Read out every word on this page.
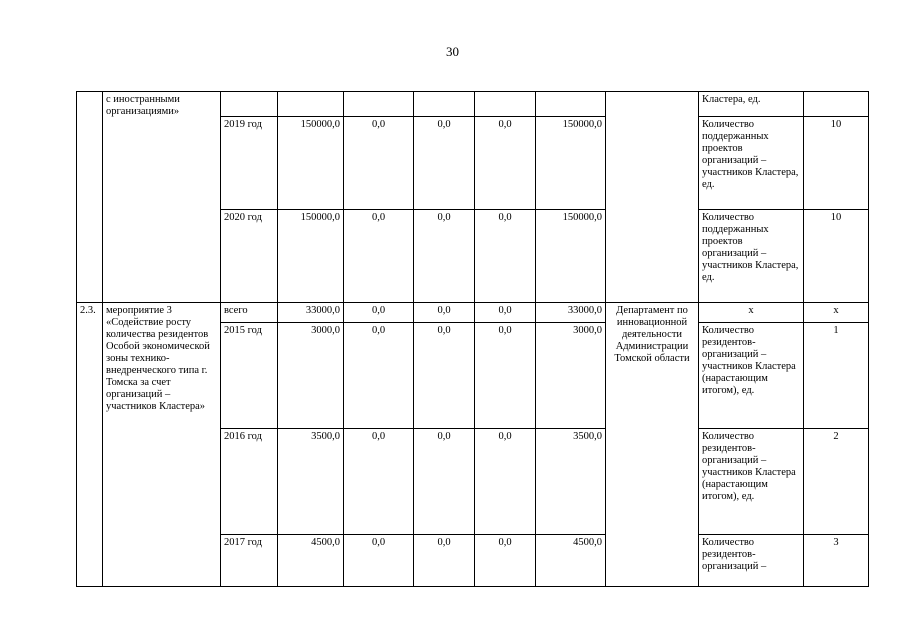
30
	с иностранными организациями»								Кластера, ед.	
		2019 год	150000,0	0,0	0,0	0,0	150000,0		Количество поддержанных проектов организаций – участников Кластера, ед.	10
		2020 год	150000,0	0,0	0,0	0,0	150000,0		Количество поддержанных проектов организаций – участников Кластера, ед.	10
2.3.	мероприятие 3 «Содействие росту количества резидентов Особой экономической зоны технико-внедренческого типа г. Томска за счет организаций – участников Кластера»	всего	33000,0	0,0	0,0	0,0	33000,0	Департамент по инновационной деятельности Администрации Томской области	х	х
		2015 год	3000,0	0,0	0,0	0,0	3000,0		Количество резидентов-организаций – участников Кластера (нарастающим итогом), ед.	1
		2016 год	3500,0	0,0	0,0	0,0	3500,0		Количество резидентов-организаций – участников Кластера (нарастающим итогом), ед.	2
		2017 год	4500,0	0,0	0,0	0,0	4500,0		Количество резидентов-организаций –	3
